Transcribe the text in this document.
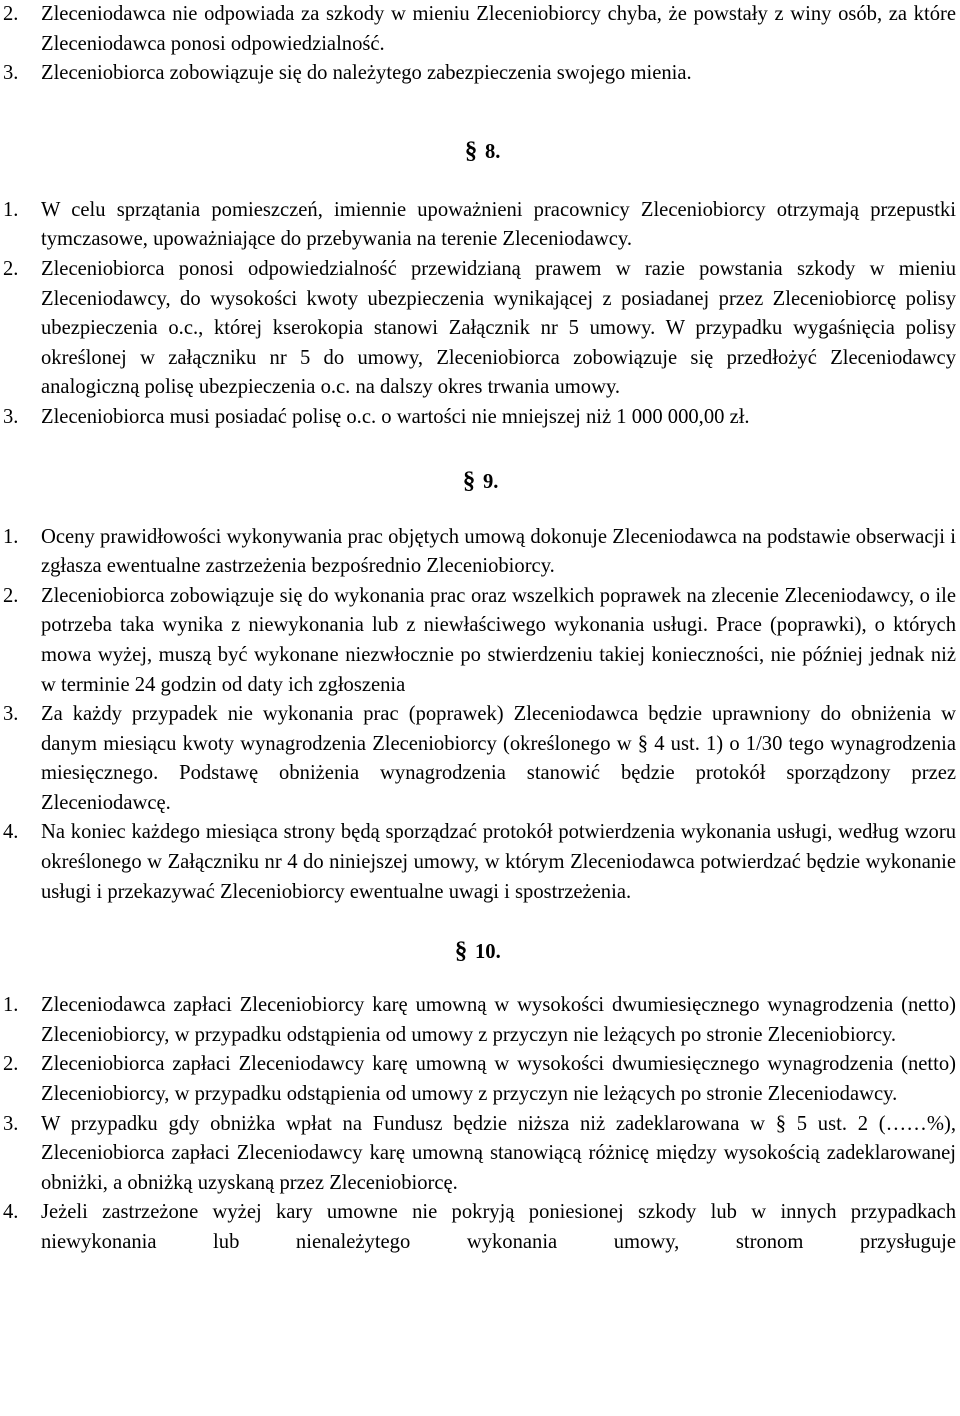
2. Zleceniodawca nie odpowiada za szkody w mieniu Zleceniobiorcy chyba, że powstały z winy osób, za które Zleceniodawca ponosi odpowiedzialność.
3. Zleceniobiorca zobowiązuje się do należytego zabezpieczenia swojego mienia.
§ 8.
1. W celu sprzątania pomieszczeń, imiennie upoważnieni pracownicy Zleceniobiorcy otrzymają przepustki tymczasowe, upoważniające do przebywania na terenie Zleceniodawcy.
2. Zleceniobiorca ponosi odpowiedzialność przewidzianą prawem w razie powstania szkody w mieniu Zleceniodawcy, do wysokości kwoty ubezpieczenia wynikającej z posiadanej przez Zleceniobiorcę polisy ubezpieczenia o.c., której kserokopia stanowi Załącznik nr 5 umowy. W przypadku wygaśnięcia polisy określonej w załączniku nr 5 do umowy, Zleceniobiorca zobowiązuje się przedłożyć Zleceniodawcy analogiczną polisę ubezpieczenia o.c. na dalszy okres trwania umowy.
3. Zleceniobiorca musi posiadać polisę o.c. o wartości nie mniejszej niż 1 000 000,00 zł.
§ 9.
1. Oceny prawidłowości wykonywania prac objętych umową dokonuje Zleceniodawca na podstawie obserwacji i zgłasza ewentualne zastrzeżenia bezpośrednio Zleceniobiorcy.
2. Zleceniobiorca zobowiązuje się do wykonania prac oraz wszelkich poprawek na zlecenie Zleceniodawcy, o ile potrzeba taka wynika z niewykonania lub z niewłaściwego wykonania usługi. Prace (poprawki), o których mowa wyżej, muszą być wykonane niezwłocznie po stwierdzeniu takiej konieczności, nie później jednak niż w terminie 24 godzin od daty ich zgłoszenia
3. Za każdy przypadek nie wykonania prac (poprawek) Zleceniodawca będzie uprawniony do obniżenia w danym miesiącu kwoty wynagrodzenia Zleceniobiorcy (określonego w § 4 ust. 1) o 1/30 tego wynagrodzenia miesięcznego. Podstawę obniżenia wynagrodzenia stanowić będzie protokół sporządzony przez Zleceniodawcę.
4. Na koniec każdego miesiąca strony będą sporządzać protokół potwierdzenia wykonania usługi, według wzoru określonego w Załączniku nr 4 do niniejszej umowy, w którym Zleceniodawca potwierdzać będzie wykonanie usługi i przekazywać Zleceniobiorcy ewentualne uwagi i spostrzeżenia.
§ 10.
1. Zleceniodawca zapłaci Zleceniobiorcy karę umowną w wysokości dwumiesięcznego wynagrodzenia (netto) Zleceniobiorcy, w przypadku odstąpienia od umowy z przyczyn nie leżących po stronie Zleceniobiorcy.
2. Zleceniobiorca zapłaci Zleceniodawcy karę umowną w wysokości dwumiesięcznego wynagrodzenia (netto) Zleceniobiorcy, w przypadku odstąpienia od umowy z przyczyn nie leżących po stronie Zleceniodawcy.
3. W przypadku gdy obniżka wpłat na Fundusz będzie niższa niż zadeklarowana w § 5 ust. 2 (……%), Zleceniobiorca zapłaci Zleceniodawcy karę umowną stanowiącą różnicę między wysokością zadeklarowanej obniżki, a obniżką uzyskaną przez Zleceniobiorcę.
4. Jeżeli zastrzeżone wyżej kary umowne nie pokryją poniesionej szkody lub w innych przypadkach niewykonania lub nienależytego wykonania umowy, stronom przysługuje
